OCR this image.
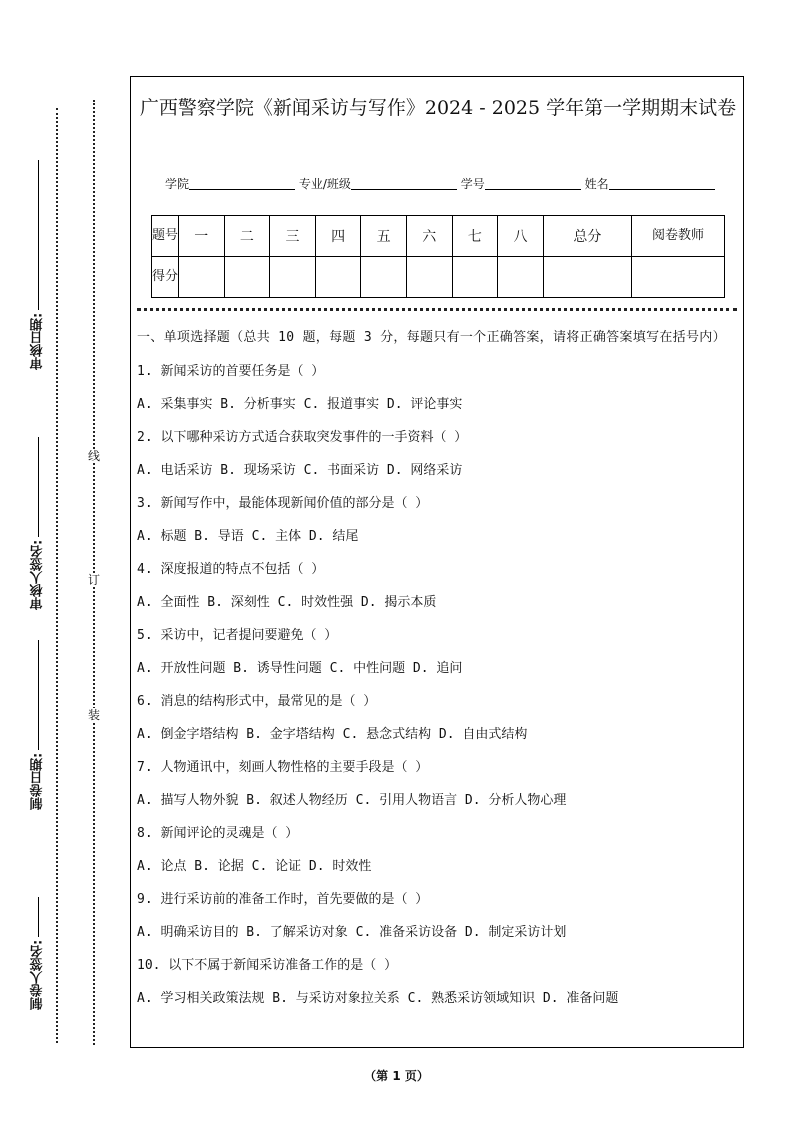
审核日期:
审核人签名:
制卷日期:
制卷人签名:
线
订
装
广西警察学院《新闻采访与写作》2024 - 2025 学年第一学期期末试卷
学院	专业/班级	学号	姓名
题号	一	二	三	四	五	六	七	八	总分	阅卷教师
得分										
一、单项选择题（总共 10 题，每题 3 分，每题只有一个正确答案，请将正确答案填写在括号内）
1. 新闻采访的首要任务是（ ）
A. 采集事实 B. 分析事实 C. 报道事实 D. 评论事实
2. 以下哪种采访方式适合获取突发事件的一手资料（ ）
A. 电话采访 B. 现场采访 C. 书面采访 D. 网络采访
3. 新闻写作中，最能体现新闻价值的部分是（ ）
A. 标题 B. 导语 C. 主体 D. 结尾
4. 深度报道的特点不包括（ ）
A. 全面性 B. 深刻性 C. 时效性强 D. 揭示本质
5. 采访中，记者提问要避免（ ）
A. 开放性问题 B. 诱导性问题 C. 中性问题 D. 追问
6. 消息的结构形式中，最常见的是（ ）
A. 倒金字塔结构 B. 金字塔结构 C. 悬念式结构 D. 自由式结构
7. 人物通讯中，刻画人物性格的主要手段是（ ）
A. 描写人物外貌 B. 叙述人物经历 C. 引用人物语言 D. 分析人物心理
8. 新闻评论的灵魂是（ ）
A. 论点 B. 论据 C. 论证 D. 时效性
9. 进行采访前的准备工作时，首先要做的是（ ）
A. 明确采访目的 B. 了解采访对象 C. 准备采访设备 D. 制定采访计划
10. 以下不属于新闻采访准备工作的是（ ）
A. 学习相关政策法规 B. 与采访对象拉关系 C. 熟悉采访领域知识 D. 准备问题
（第 1 页）
